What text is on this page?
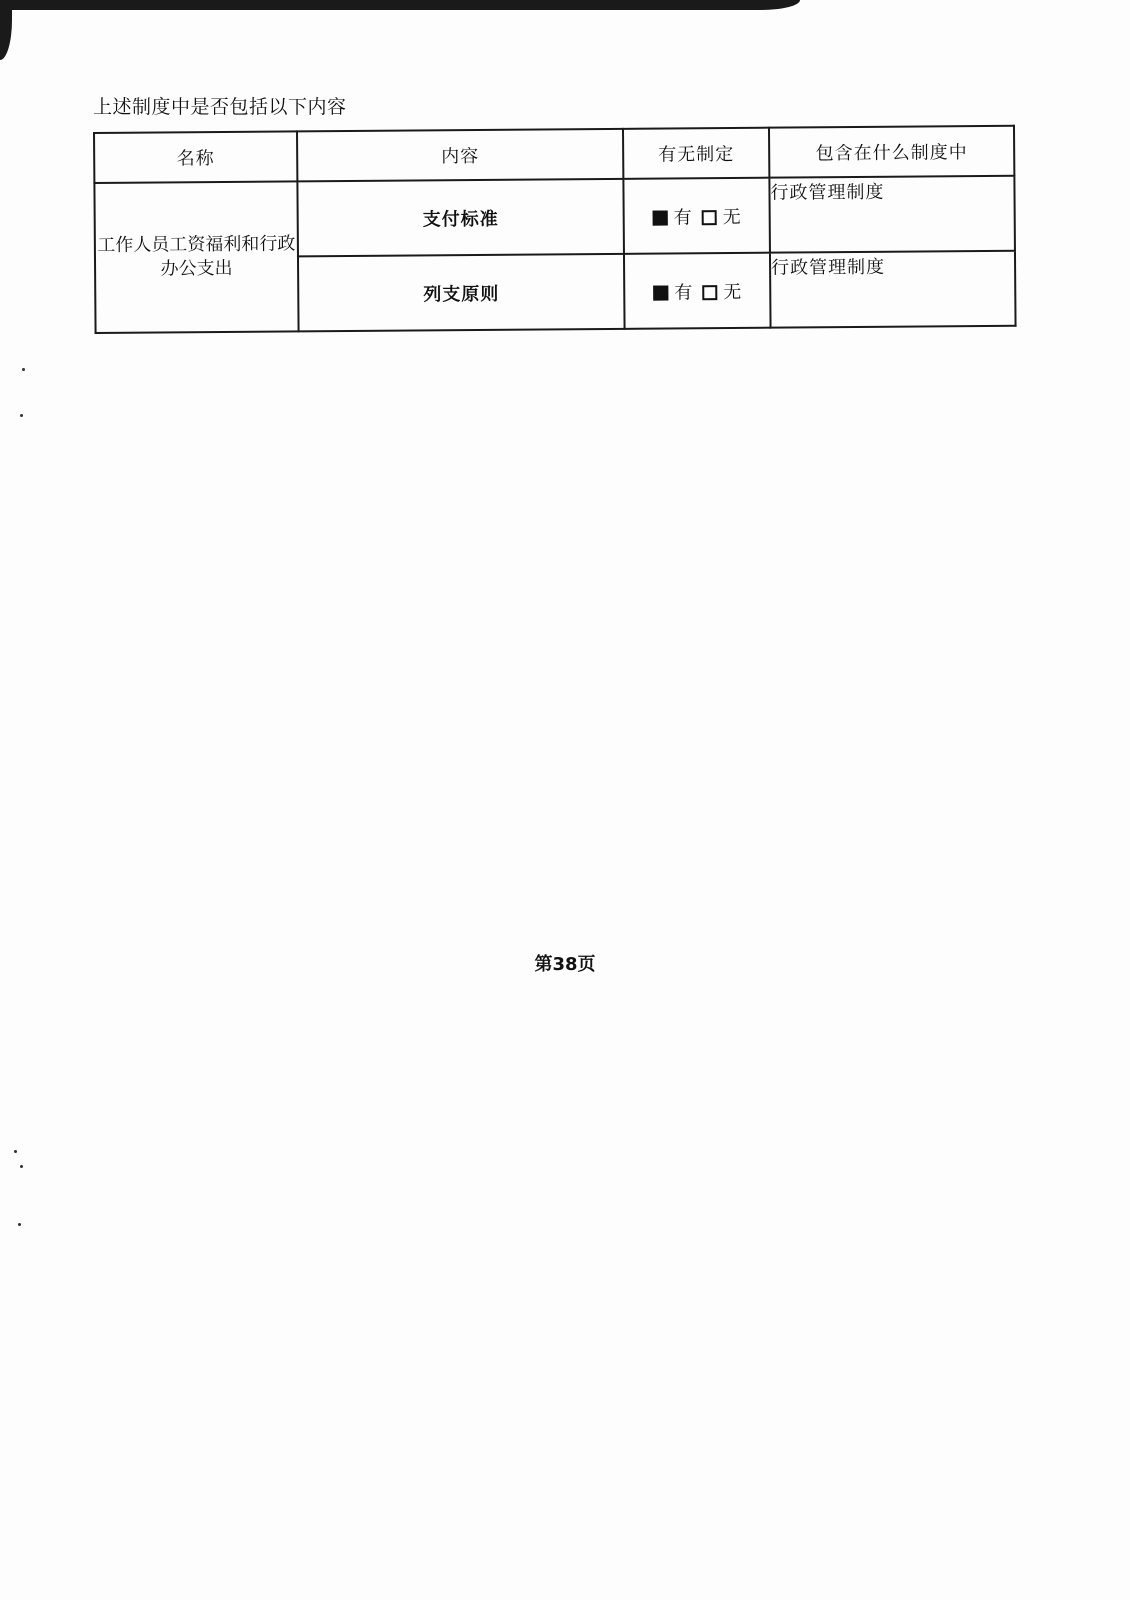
上述制度中是否包括以下内容
名称	内容	有无制定	包含在什么制度中
工作人员工资福利和行政办公支出	支付标准	有 无	行政管理制度
	列支原则	有 无	行政管理制度
第38页
